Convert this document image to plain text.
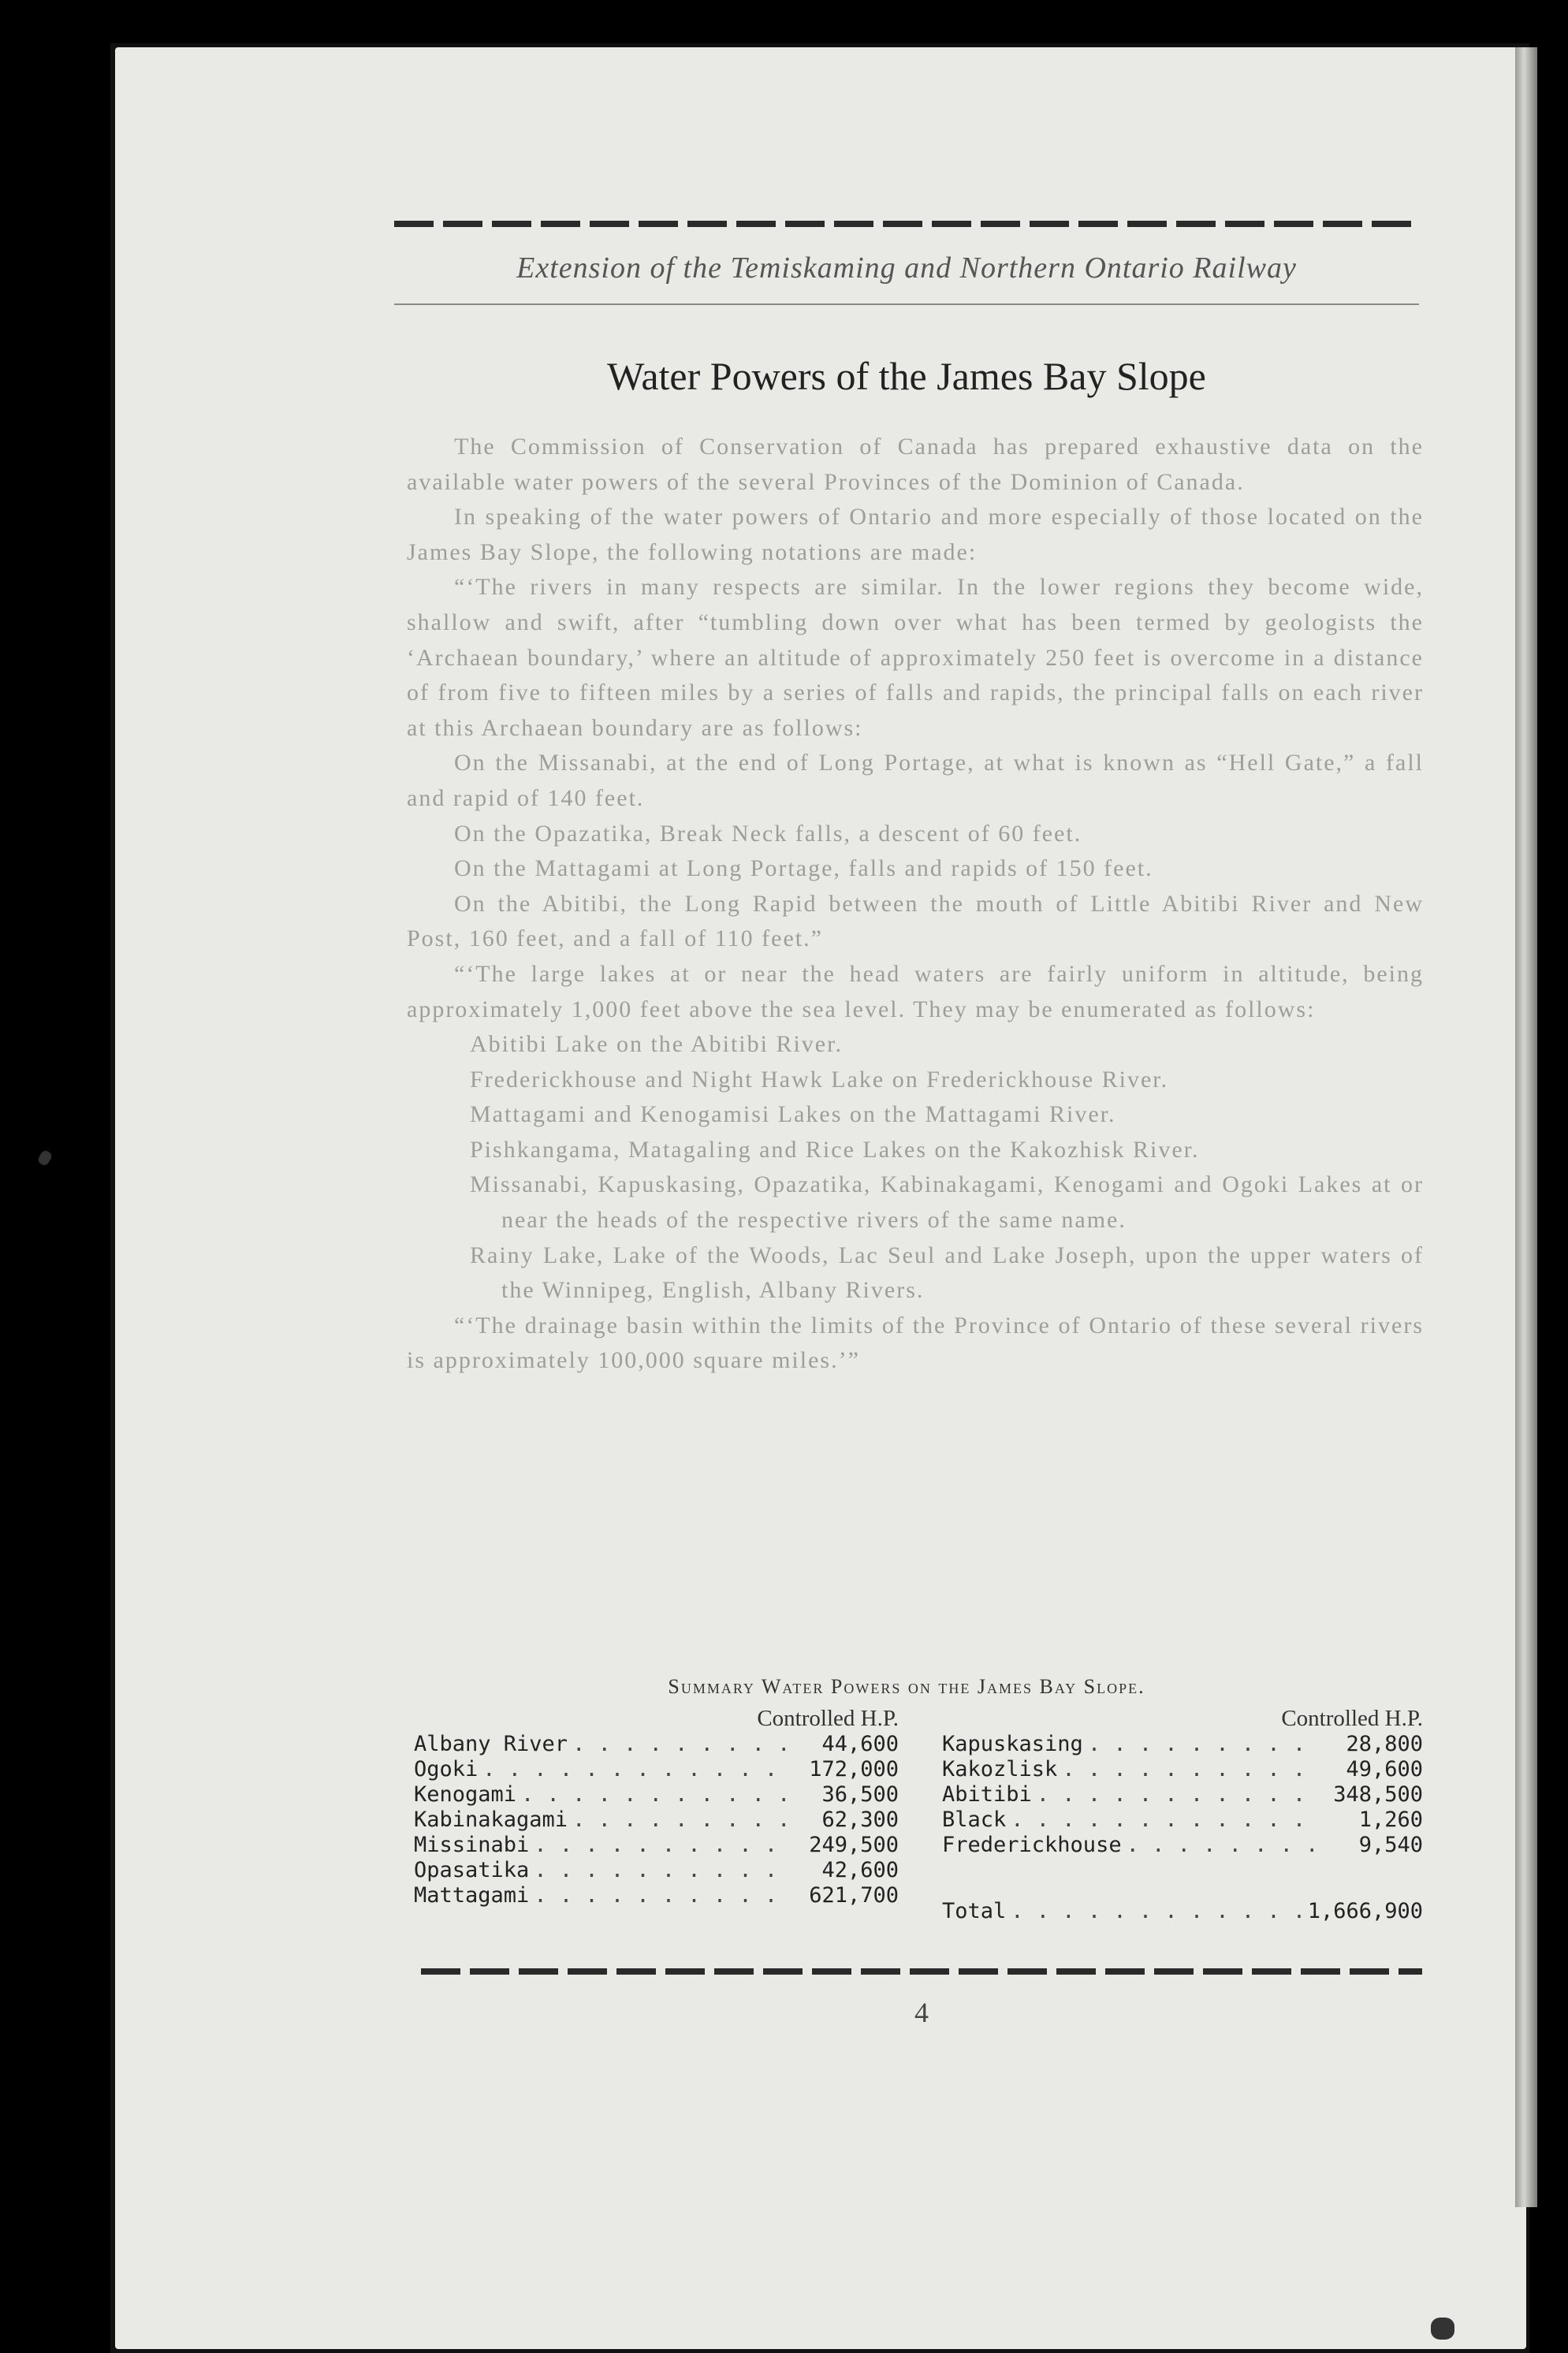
Extension of the Temiskaming and Northern Ontario Railway
Water Powers of the James Bay Slope

The Commission of Conservation of Canada has prepared exhaustive data on the available water powers of the several Provinces of the Dominion of Canada.

In speaking of the water powers of Ontario and more especially of those located on the James Bay Slope, the following notations are made:

“‘The rivers in many respects are similar. In the lower regions they become wide, shallow and swift, after “tumbling down over what has been termed by geologists the ‘Archaean boundary,’ where an altitude of approximately 250 feet is overcome in a distance of from five to fifteen miles by a series of falls and rapids, the principal falls on each river at this Archaean boundary are as follows:

On the Missanabi, at the end of Long Portage, at what is known as “Hell Gate,” a fall and rapid of 140 feet.

On the Opazatika, Break Neck falls, a descent of 60 feet.

On the Mattagami at Long Portage, falls and rapids of 150 feet.

On the Abitibi, the Long Rapid between the mouth of Little Abitibi River and New Post, 160 feet, and a fall of 110 feet.”

“‘The large lakes at or near the head waters are fairly uniform in altitude, being approximately 1,000 feet above the sea level. They may be enumerated as follows:

Abitibi Lake on the Abitibi River.

Frederickhouse and Night Hawk Lake on Frederickhouse River.

Mattagami and Kenogamisi Lakes on the Mattagami River.

Pishkangama, Matagaling and Rice Lakes on the Kakozhisk River.

Missanabi, Kapuskasing, Opazatika, Kabinakagami, Kenogami and Ogoki Lakes at or near the heads of the respective rivers of the same name.

Rainy Lake, Lake of the Woods, Lac Seul and Lake Joseph, upon the upper waters of the Winnipeg, English, Albany Rivers.

“‘The drainage basin within the limits of the Province of Ontario of these several rivers is approximately 100,000 square miles.’”

Summary Water Powers on the James Bay Slope.
Controlled H.P.
Albany River . . .	44,600
Ogoki . . .	172,000
Kenogami . . .	36,500
Kabinakagami . . .	62,300
Missinabi . . .	249,500
Opasatika . . .	42,600
Mattagami . . .	621,700
Controlled H.P.
Kapuskasing . . .	28,800
Kakozlisk . . .	49,600
Abitibi . . .	348,500
Black . . .	1,260
Frederickhouse . . .	9,540
Total . . .	1,666,900
4
